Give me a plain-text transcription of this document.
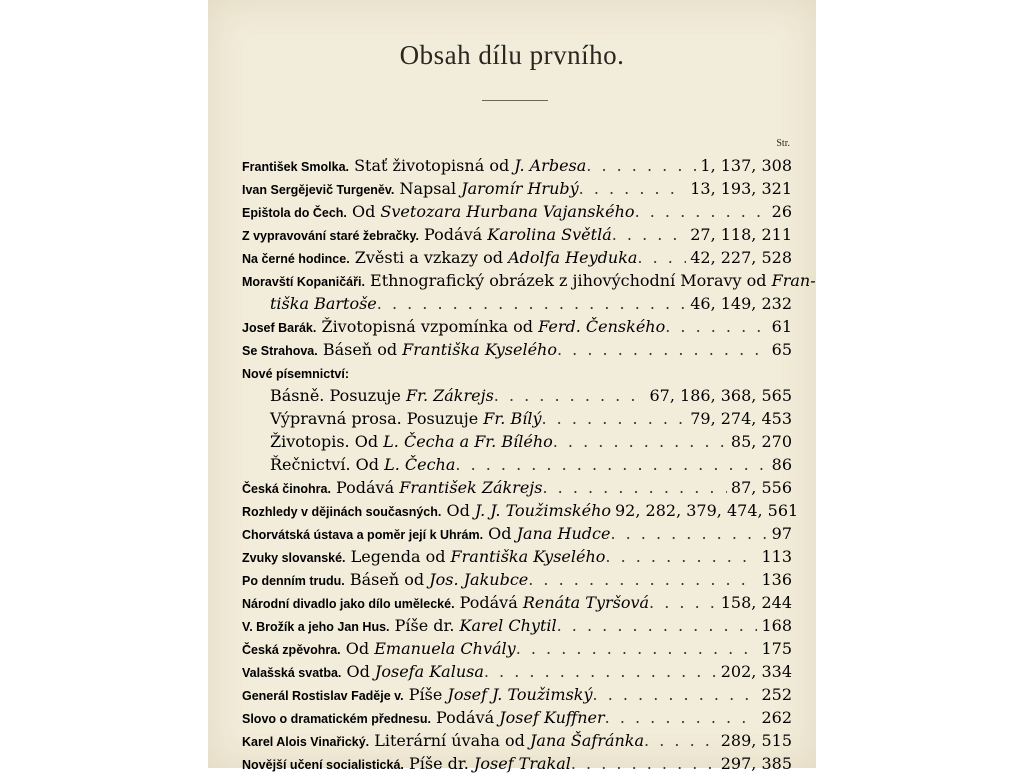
Obsah dílu prvního.
Str.
František Smolka. Stať životopisná od J. Arbesa . . .	1, 137, 308
Ivan Sergějevič Turgeněv. Napsal Jaromír Hrubý . . .	13, 193, 321
Epištola do Čech. Od Svetozara Hurbana Vajanského . . .	26
Z vypravování staré žebračky. Podává Karolina Světlá . . .	27, 118, 211
Na černé hodince. Zvěsti a vzkazy od Adolfa Heyduka . . .	42, 227, 528
Moravští Kopaničáři. Ethnografický obrázek z jihovýchodní Moravy od Fran-
tiška Bartoše . . .	46, 149, 232
Josef Barák. Životopisná vzpomínka od Ferd. Čenského . . .	61
Se Strahova. Báseň od Františka Kyselého . . .	65
Nové písemnictví:
Básně. Posuzuje Fr. Zákrejs . . .	67, 186, 368, 565
Výpravná prosa. Posuzuje Fr. Bílý . . .	79, 274, 453
Životopis. Od L. Čecha a Fr. Bílého . . .	85, 270
Řečnictví. Od L. Čecha . . .	86
Česká činohra. Podává František Zákrejs . . .	87, 556
Rozhledy v dějinách současných. Od J. J. Toužimského 92, 282, 379, 474, 561
Chorvátská ústava a poměr její k Uhrám. Od Jana Hudce . . .	97
Zvuky slovanské. Legenda od Františka Kyselého . . .	113
Po denním trudu. Báseň od Jos. Jakubce . . .	136
Národní divadlo jako dílo umělecké. Podává Renáta Tyršová . . .	158, 244
V. Brožík a jeho Jan Hus. Píše dr. Karel Chytil . . .	168
Česká zpěvohra. Od Emanuela Chvály . . .	175
Valašská svatba. Od Josefa Kalusa . . .	202, 334
Generál Rostislav Faděje v. Píše Josef J. Toužimský . . .	252
Slovo o dramatickém přednesu. Podává Josef Kuffner . . .	262
Karel Alois Vinařický. Literární úvaha od Jana Šafránka . . .	289, 515
Novější učení socialistická. Píše dr. Josef Trakal . . .	297, 385
